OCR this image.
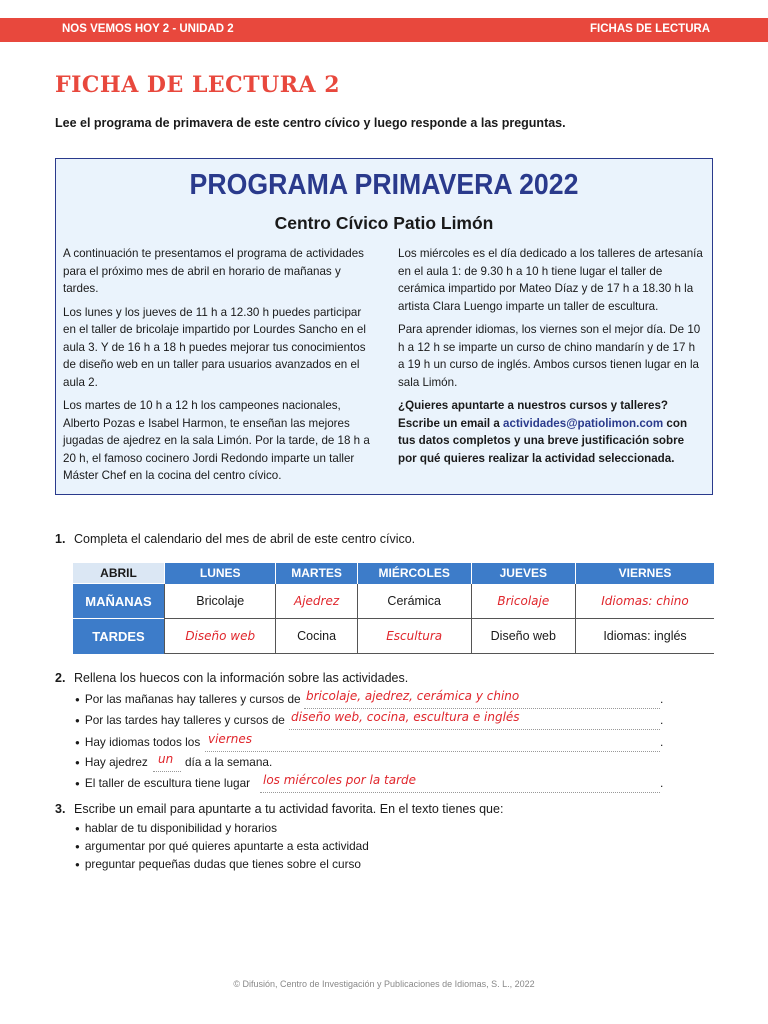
NOS VEMOS HOY 2 - UNIDAD 2	FICHAS DE LECTURA
FICHA DE LECTURA 2
Lee el programa de primavera de este centro cívico y luego responde a las preguntas.
PROGRAMA PRIMAVERA 2022
Centro Cívico Patio Limón

A continuación te presentamos el programa de actividades para el próximo mes de abril en horario de mañanas y tardes.

Los lunes y los jueves de 11 h a 12.30 h puedes participar en el taller de bricolaje impartido por Lourdes Sancho en el aula 3. Y de 16 h a 18 h puedes mejorar tus conocimientos de diseño web en un taller para usuarios avanzados en el aula 2.

Los martes de 10 h a 12 h los campeones nacionales, Alberto Pozas e Isabel Harmon, te enseñan las mejores jugadas de ajedrez en la sala Limón. Por la tarde, de 18 h a 20 h, el famoso cocinero Jordi Redondo imparte un taller Máster Chef en la cocina del centro cívico.

Los miércoles es el día dedicado a los talleres de artesanía en el aula 1: de 9.30 h a 10 h tiene lugar el taller de cerámica impartido por Mateo Díaz y de 17 h a 18.30 h la artista Clara Luengo imparte un taller de escultura.

Para aprender idiomas, los viernes son el mejor día. De 10 h a 12 h se imparte un curso de chino mandarín y de 17 h a 19 h un curso de inglés. Ambos cursos tienen lugar en la sala Limón.

¿Quieres apuntarte a nuestros cursos y talleres? Escribe un email a actividades@patiolimon.com con tus datos completos y una breve justificación sobre por qué quieres realizar la actividad seleccionada.

1. Completa el calendario del mes de abril de este centro cívico.
ABRIL	LUNES	MARTES	MIÉRCOLES	JUEVES	VIERNES
MAÑANAS	Bricolaje	Ajedrez	Cerámica	Bricolaje	Idiomas: chino
TARDES	Diseño web	Cocina	Escultura	Diseño web	Idiomas: inglés
2. Rellena los huecos con la información sobre las actividades.
● Por las mañanas hay talleres y cursos de bricolaje, ajedrez, cerámica y chino	.
● Por las tardes hay talleres y cursos de diseño web, cocina, escultura e inglés	.
● Hay idiomas todos los viernes	.
● Hay ajedrez un día a la semana.
● El taller de escultura tiene lugar los miércoles por la tarde	.
3. Escribe un email para apuntarte a tu actividad favorita. En el texto tienes que:
● hablar de tu disponibilidad y horarios
● argumentar por qué quieres apuntarte a esta actividad
● preguntar pequeñas dudas que tienes sobre el curso
© Difusión, Centro de Investigación y Publicaciones de Idiomas, S. L., 2022
